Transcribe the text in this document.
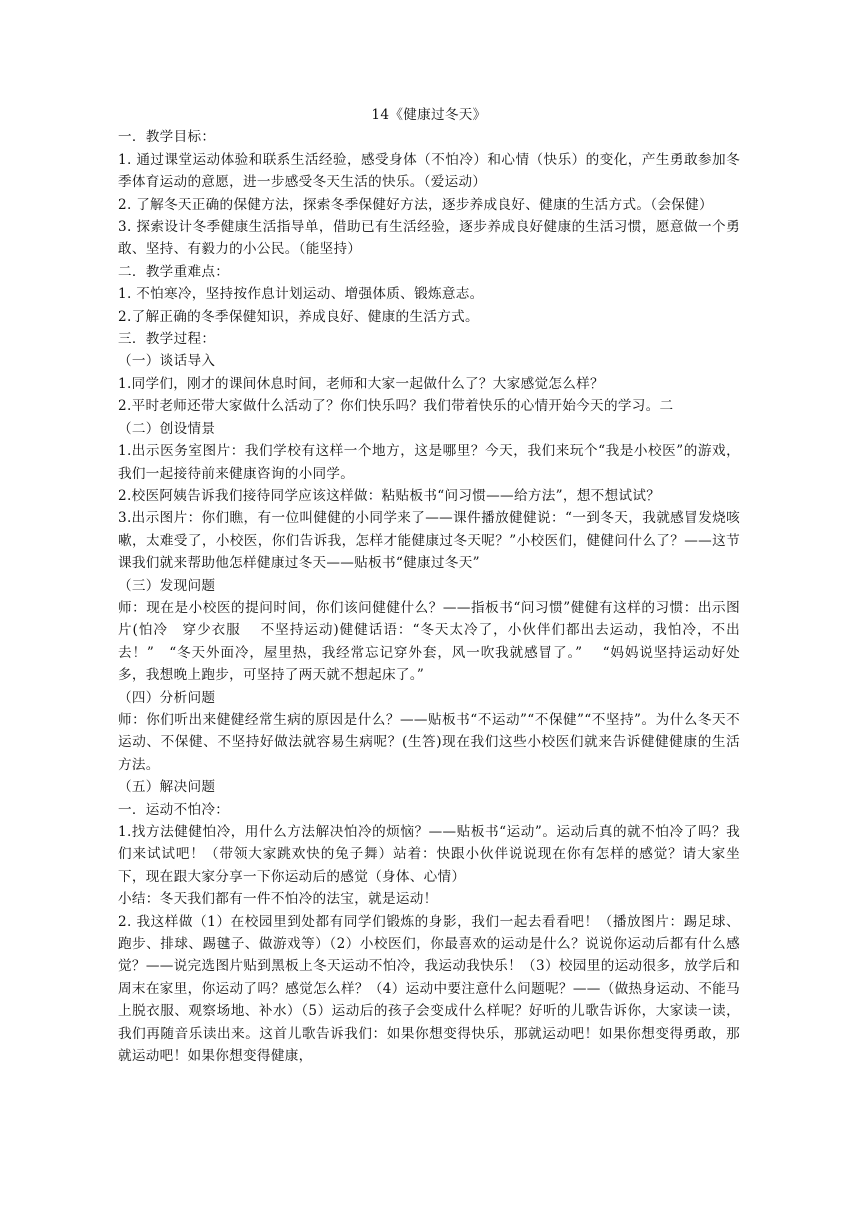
14《健康过冬天》

一．教学目标：

1. 通过课堂运动体验和联系生活经验，感受身体（不怕冷）和心情（快乐）的变化，产生勇敢参加冬季体育运动的意愿，进一步感受冬天生活的快乐。（爱运动）

2. 了解冬天正确的保健方法，探索冬季保健好方法，逐步养成良好、健康的生活方式。（会保健）

3. 探索设计冬季健康生活指导单，借助已有生活经验，逐步养成良好健康的生活习惯，愿意做一个勇敢、坚持、有毅力的小公民。（能坚持）

二．教学重难点：

1. 不怕寒冷，坚持按作息计划运动、增强体质、锻炼意志。

2.了解正确的冬季保健知识，养成良好、健康的生活方式。

三．教学过程：

（一）谈话导入

1.同学们，刚才的课间休息时间，老师和大家一起做什么了？大家感觉怎么样？

2.平时老师还带大家做什么活动了？你们快乐吗？我们带着快乐的心情开始今天的学习。二

（二）创设情景

1.出示医务室图片：我们学校有这样一个地方，这是哪里？今天，我们来玩个“我是小校医”的游戏，我们一起接待前来健康咨询的小同学。

2.校医阿姨告诉我们接待同学应该这样做：粘贴板书“问习惯——给方法”，想不想试试？

3.出示图片：你们瞧，有一位叫健健的小同学来了——课件播放健健说：“一到冬天，我就感冒发烧咳嗽，太难受了，小校医，你们告诉我，怎样才能健康过冬天呢？”小校医们，健健问什么了？——这节课我们就来帮助他怎样健康过冬天——贴板书“健康过冬天”

（三）发现问题

师：现在是小校医的提问时间，你们该问健健什么？——指板书“问习惯”健健有这样的习惯：出示图片(怕冷　穿少衣服　 不坚持运动)健健话语：“冬天太冷了，小伙伴们都出去运动，我怕冷，不出去！”　“冬天外面冷，屋里热，我经常忘记穿外套，风一吹我就感冒了。”　 “妈妈说坚持运动好处多，我想晚上跑步，可坚持了两天就不想起床了。”

（四）分析问题

师：你们听出来健健经常生病的原因是什么？——贴板书“不运动”“不保健”“不坚持”。为什么冬天不运动、不保健、不坚持好做法就容易生病呢？(生答)现在我们这些小校医们就来告诉健健健康的生活方法。

（五）解决问题

一．运动不怕冷：

1.找方法健健怕冷，用什么方法解决怕冷的烦恼？——贴板书“运动”。运动后真的就不怕冷了吗？我们来试试吧！（带领大家跳欢快的兔子舞）站着：快跟小伙伴说说现在你有怎样的感觉？请大家坐下，现在跟大家分享一下你运动后的感觉（身体、心情）

小结：冬天我们都有一件不怕冷的法宝，就是运动！

2. 我这样做（1）在校园里到处都有同学们锻炼的身影，我们一起去看看吧！（播放图片：踢足球、跑步、排球、踢毽子、做游戏等）（2）小校医们，你最喜欢的运动是什么？说说你运动后都有什么感觉？——说完选图片贴到黑板上冬天运动不怕冷，我运动我快乐！（3）校园里的运动很多，放学后和周末在家里，你运动了吗？感觉怎么样？（4）运动中要注意什么问题呢？——（做热身运动、不能马上脱衣服、观察场地、补水）（5）运动后的孩子会变成什么样呢？好听的儿歌告诉你，大家读一读，我们再随音乐读出来。这首儿歌告诉我们：如果你想变得快乐，那就运动吧！如果你想变得勇敢，那就运动吧！如果你想变得健康，
